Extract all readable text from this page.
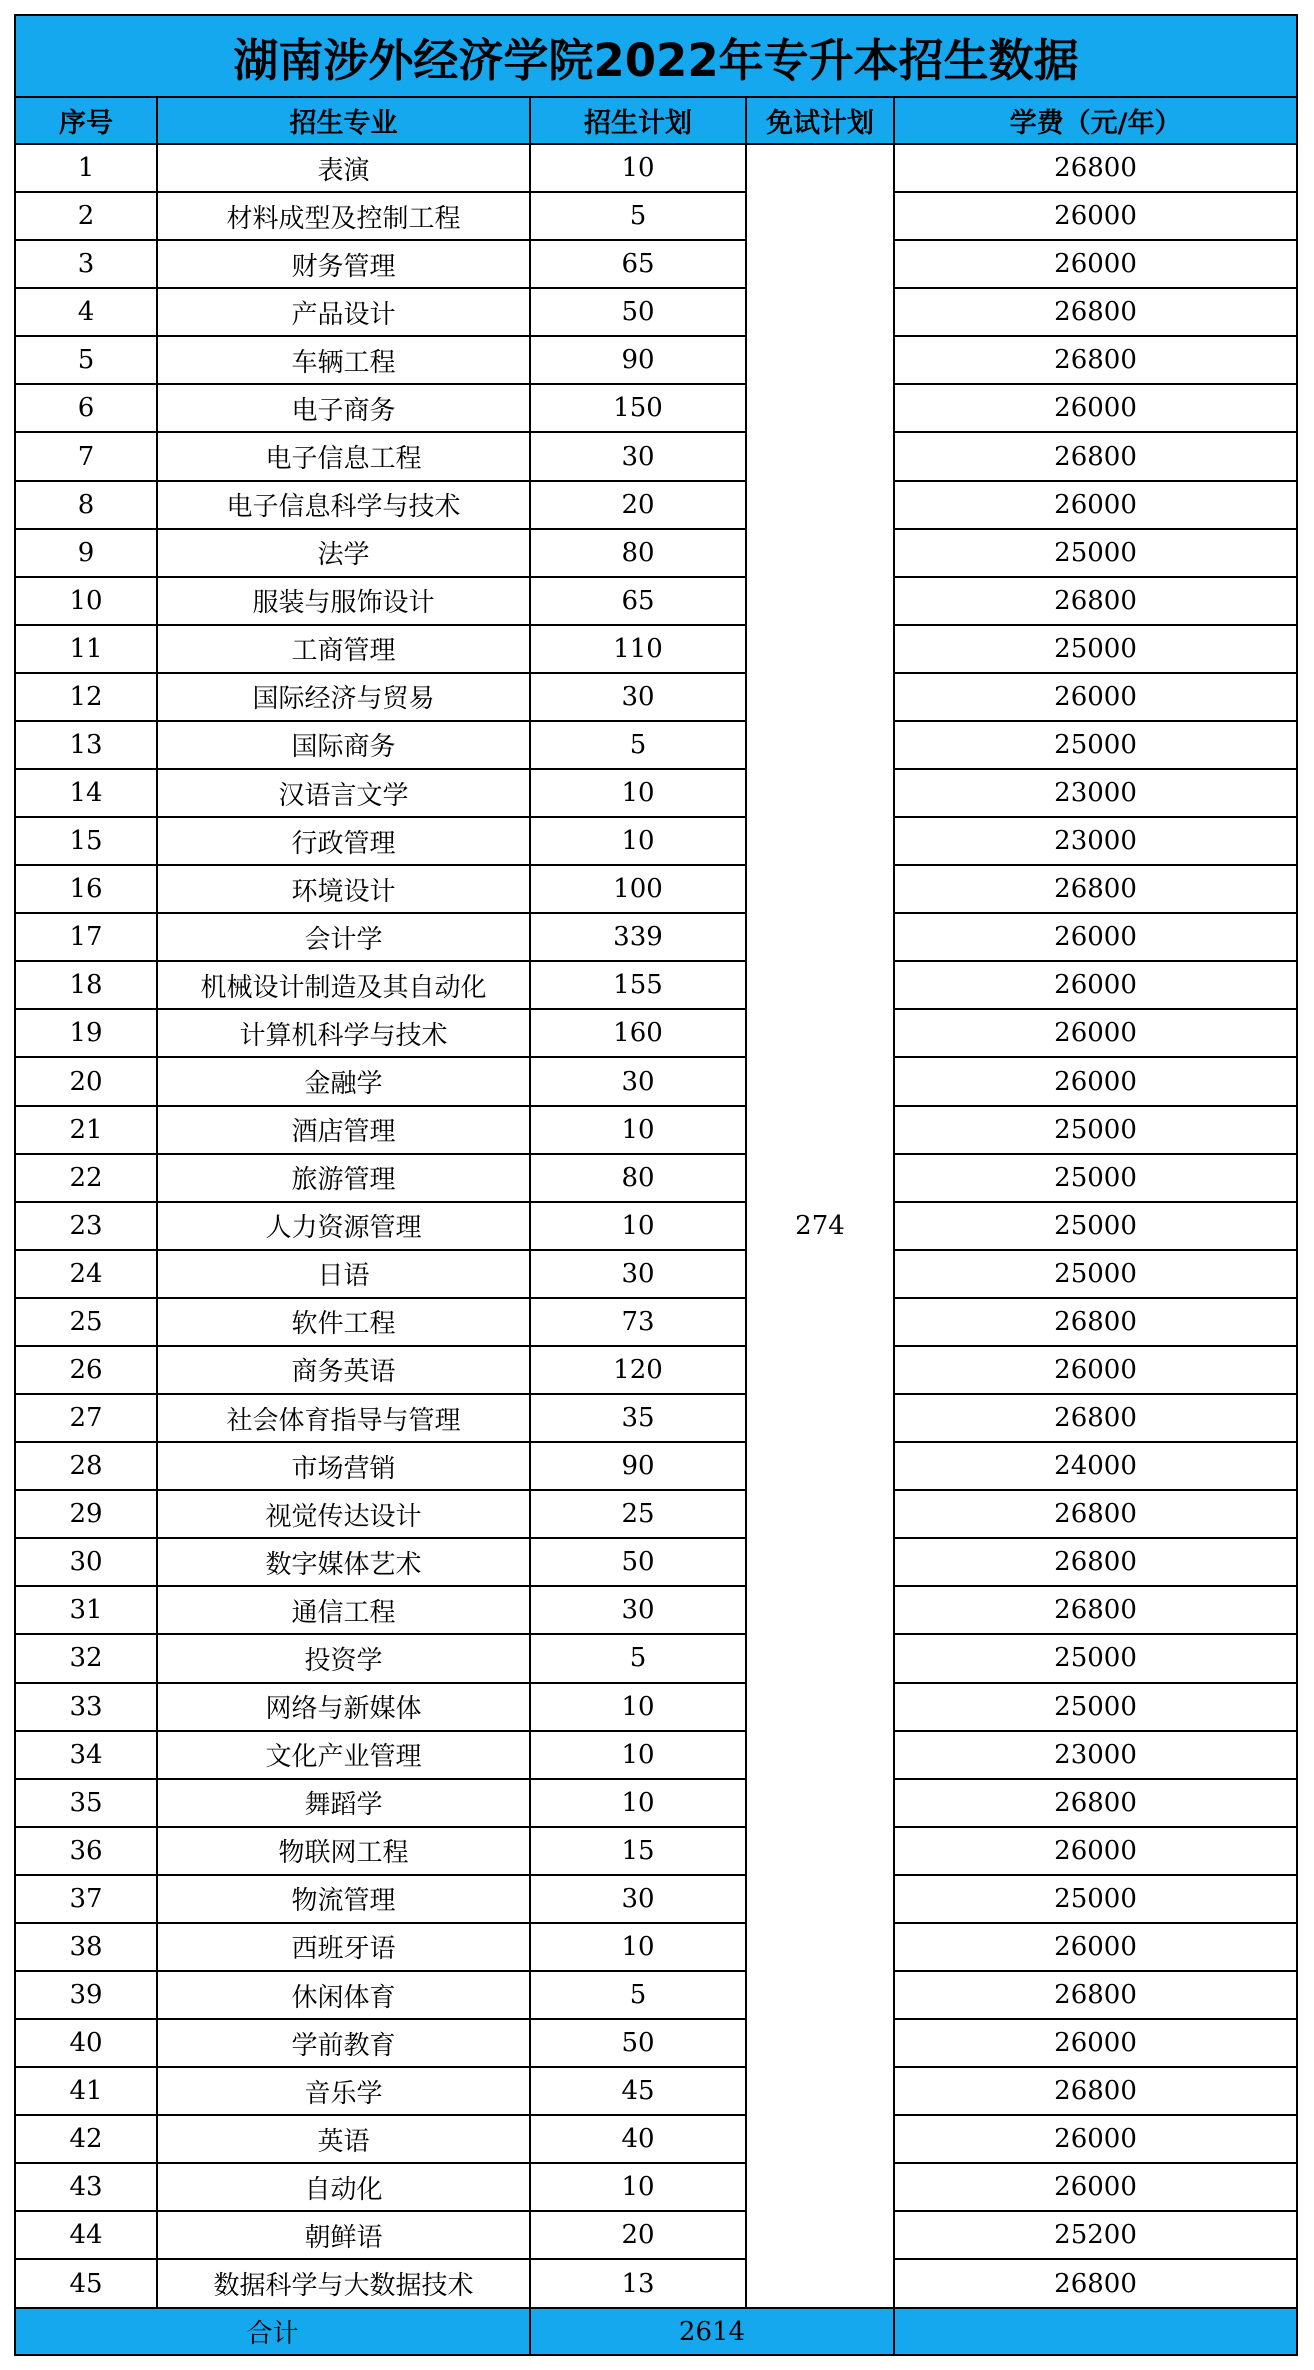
湖南涉外经济学院2022年专升本招生数据				
序号	招生专业	招生计划	免试计划	学费（元/年）
1	表演	10	274	26800
2	材料成型及控制工程	5		26000
3	财务管理	65		26000
4	产品设计	50		26800
5	车辆工程	90		26800
6	电子商务	150		26000
7	电子信息工程	30		26800
8	电子信息科学与技术	20		26000
9	法学	80		25000
10	服装与服饰设计	65		26800
11	工商管理	110		25000
12	国际经济与贸易	30		26000
13	国际商务	5		25000
14	汉语言文学	10		23000
15	行政管理	10		23000
16	环境设计	100		26800
17	会计学	339		26000
18	机械设计制造及其自动化	155		26000
19	计算机科学与技术	160		26000
20	金融学	30		26000
21	酒店管理	10		25000
22	旅游管理	80		25000
23	人力资源管理	10		25000
24	日语	30		25000
25	软件工程	73		26800
26	商务英语	120		26000
27	社会体育指导与管理	35		26800
28	市场营销	90		24000
29	视觉传达设计	25		26800
30	数字媒体艺术	50		26800
31	通信工程	30		26800
32	投资学	5		25000
33	网络与新媒体	10		25000
34	文化产业管理	10		23000
35	舞蹈学	10		26800
36	物联网工程	15		26000
37	物流管理	30		25000
38	西班牙语	10		26000
39	休闲体育	5		26800
40	学前教育	50		26000
41	音乐学	45		26800
42	英语	40		26000
43	自动化	10		26000
44	朝鲜语	20		25200
45	数据科学与大数据技术	13		26800
合计		2614		
